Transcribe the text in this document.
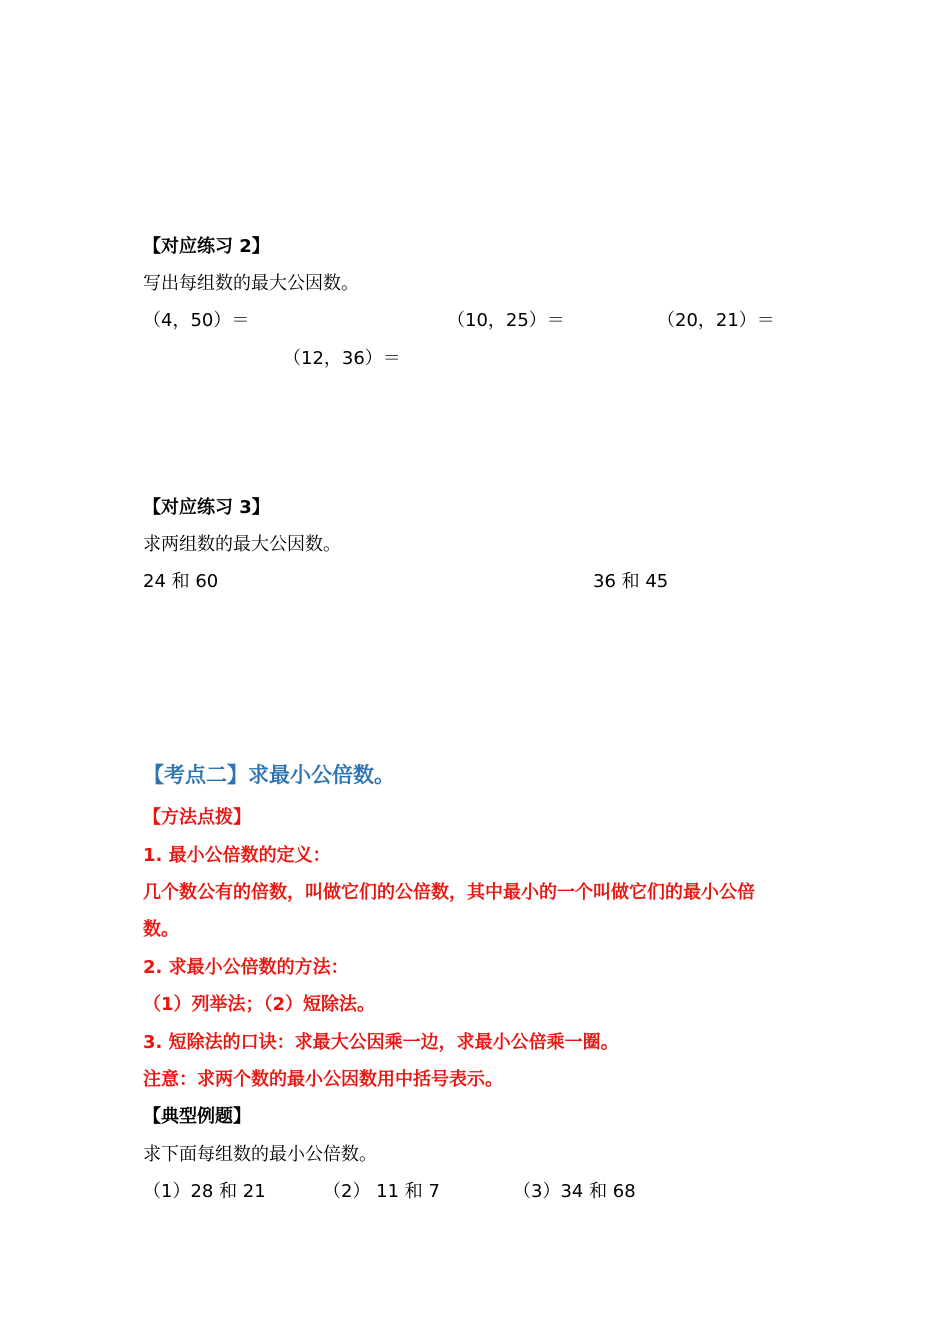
【对应练习 2】
写出每组数的最大公因数。
（4，50）＝	（10，25）＝	（20，21）＝
（12，36）＝
【对应练习 3】
求两组数的最大公因数。
24 和 60	36 和 45
【考点二】求最小公倍数。
【方法点拨】
1. 最小公倍数的定义：
几个数公有的倍数，叫做它们的公倍数，其中最小的一个叫做它们的最小公倍
数。
2. 求最小公倍数的方法：
（1）列举法；（2）短除法。
3. 短除法的口诀：求最大公因乘一边，求最小公倍乘一圈。
注意：求两个数的最小公因数用中括号表示。
【典型例题】
求下面每组数的最小公倍数。
（1）28 和 21	（2） 11 和 7	（3）34 和 68
